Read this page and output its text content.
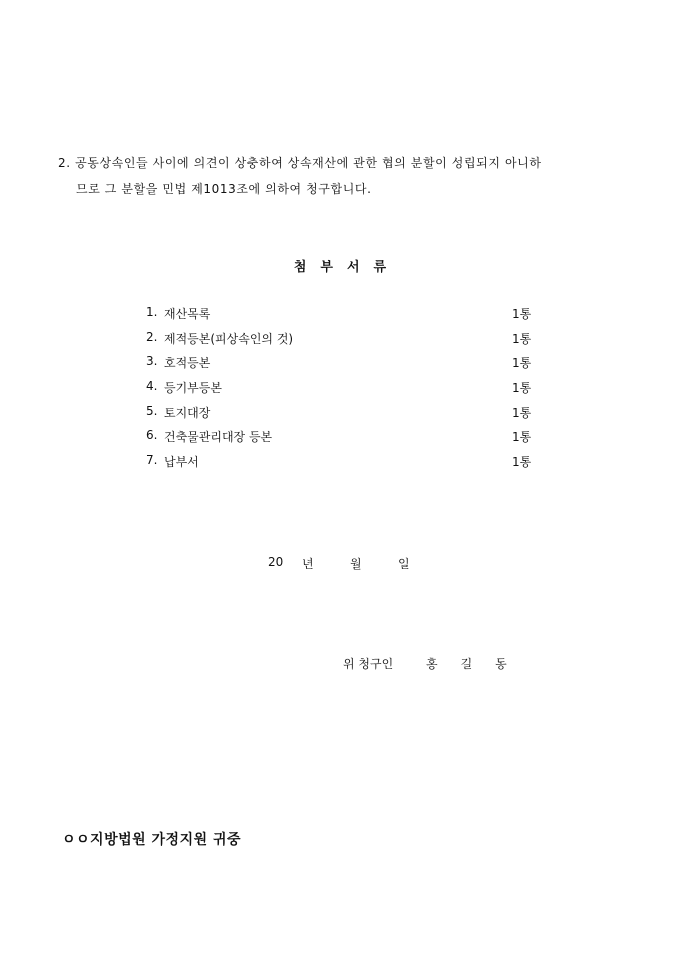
2. 공동상속인들 사이에 의견이 상충하여 상속재산에 관한 협의 분할이 성립되지 아니하
므로 그 분할을 민법 제1013조에 의하여 청구합니다.
첨부서류
1. 재산목록	1통
2. 제적등본(피상속인의 것)	1통
3. 호적등본	1통
4. 등기부등본	1통
5. 토지대장	1통
6. 건축물관리대장 등본	1통
7. 납부서	1통
20 년	월	일
위 청구인	홍길동
ㅇㅇ지방법원 가정지원 귀중
